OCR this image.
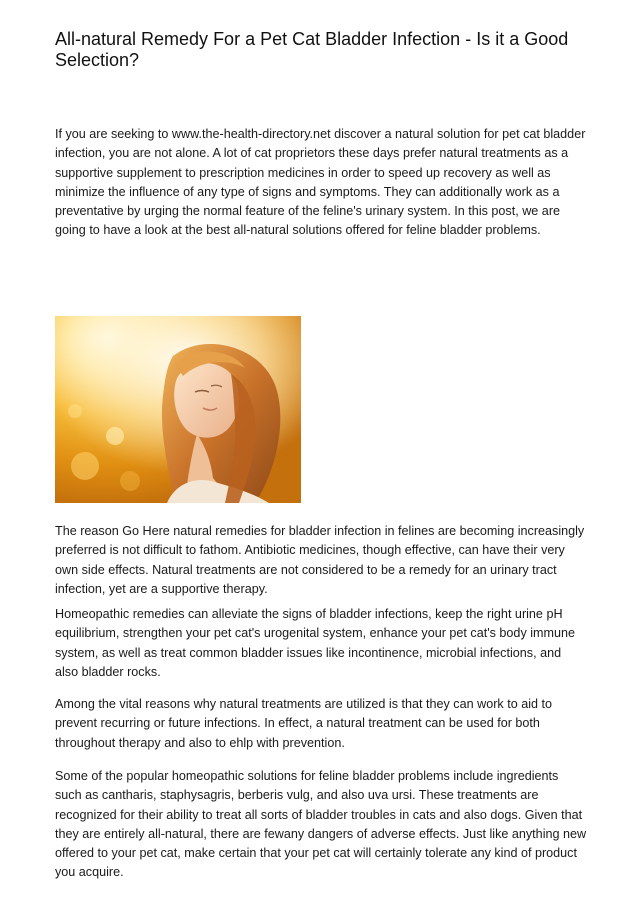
All-natural Remedy For a Pet Cat Bladder Infection - Is it a Good Selection?

If you are seeking to www.the-health-directory.net discover a natural solution for pet cat bladder infection, you are not alone. A lot of cat proprietors these days prefer natural treatments as a supportive supplement to prescription medicines in order to speed up recovery as well as minimize the influence of any type of signs and symptoms. They can additionally work as a preventative by urging the normal feature of the feline's urinary system. In this post, we are going to have a look at the best all-natural solutions offered for feline bladder problems.

The reason Go Here natural remedies for bladder infection in felines are becoming increasingly preferred is not difficult to fathom. Antibiotic medicines, though effective, can have their very own side effects. Natural treatments are not considered to be a remedy for an urinary tract infection, yet are a supportive therapy.

Homeopathic remedies can alleviate the signs of bladder infections, keep the right urine pH equilibrium, strengthen your pet cat's urogenital system, enhance your pet cat's body immune system, as well as treat common bladder issues like incontinence, microbial infections, and also bladder rocks.

Among the vital reasons why natural treatments are utilized is that they can work to aid to prevent recurring or future infections. In effect, a natural treatment can be used for both throughout therapy and also to ehlp with prevention.

Some of the popular homeopathic solutions for feline bladder problems include ingredients such as cantharis, staphysagris, berberis vulg, and also uva ursi. These treatments are recognized for their ability to treat all sorts of bladder troubles in cats and also dogs. Given that they are entirely all-natural, there are fewany dangers of adverse effects. Just like anything new offered to your pet cat, make certain that your pet cat will certainly tolerate any kind of product you acquire.
